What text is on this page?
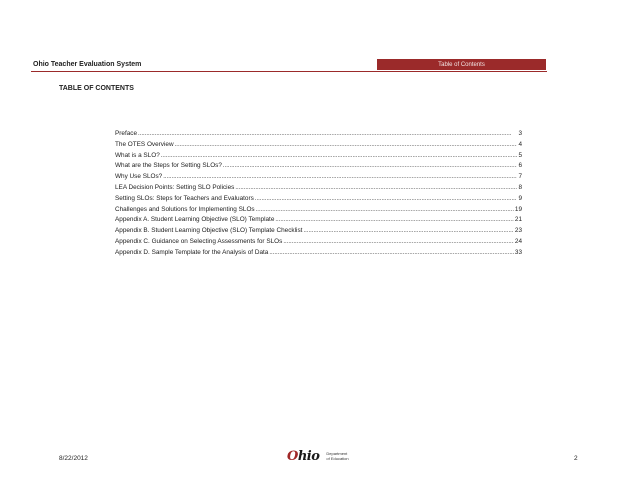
Ohio Teacher Evaluation System	Table of Contents
TABLE OF CONTENTS
Preface .....	3
The OTES Overview .....	4
What is a SLO? .....	5
What are the Steps for Setting SLOs? .....	6
Why Use SLOs? .....	7
LEA Decision Points: Setting SLO Policies .....	8
Setting SLOs: Steps for Teachers and Evaluators .....	9
Challenges and Solutions for Implementing SLOs .....	19
Appendix A. Student Learning Objective (SLO) Template .....	21
Appendix B. Student Learning Objective (SLO) Template Checklist .....	23
Appendix C. Guidance on Selecting Assessments for SLOs .....	24
Appendix D. Sample Template for the Analysis of Data .....	33
8/22/2012	Ohio Department
of Education	2
